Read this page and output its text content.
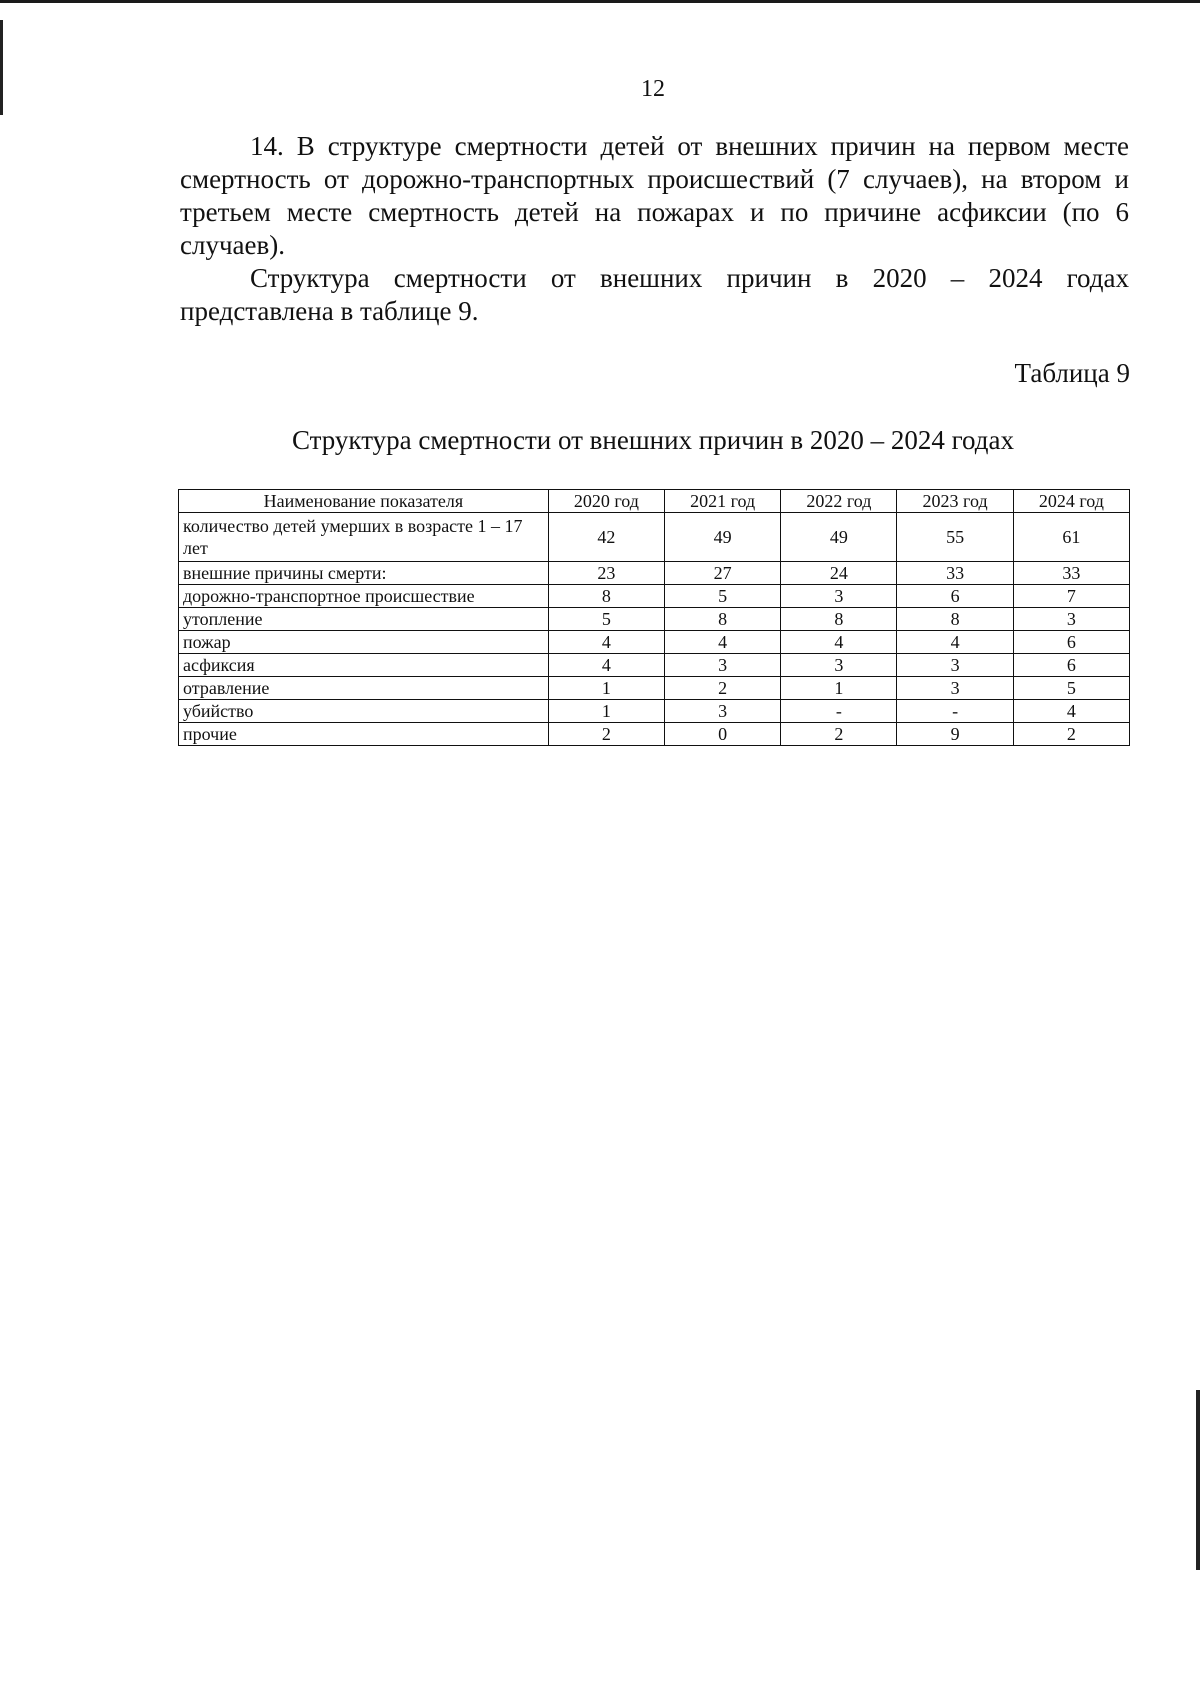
12

14. В структуре смертности детей от внешних причин на первом месте смертность от дорожно-транспортных происшествий (7 случаев), на втором и третьем месте смертность детей на пожарах и по причине асфиксии (по 6 случаев).

Структура смертности от внешних причин в 2020 – 2024 годах представлена в таблице 9.

Таблица 9
Структура смертности от внешних причин в 2020 – 2024 годах
Наименование показателя	2020 год	2021 год	2022 год	2023 год	2024 год
количество детей умерших в возрасте 1 – 17 лет	42	49	49	55	61
внешние причины смерти:	23	27	24	33	33
дорожно-транспортное происшествие	8	5	3	6	7
утопление	5	8	8	8	3
пожар	4	4	4	4	6
асфиксия	4	3	3	3	6
отравление	1	2	1	3	5
убийство	1	3	-	-	4
прочие	2	0	2	9	2
